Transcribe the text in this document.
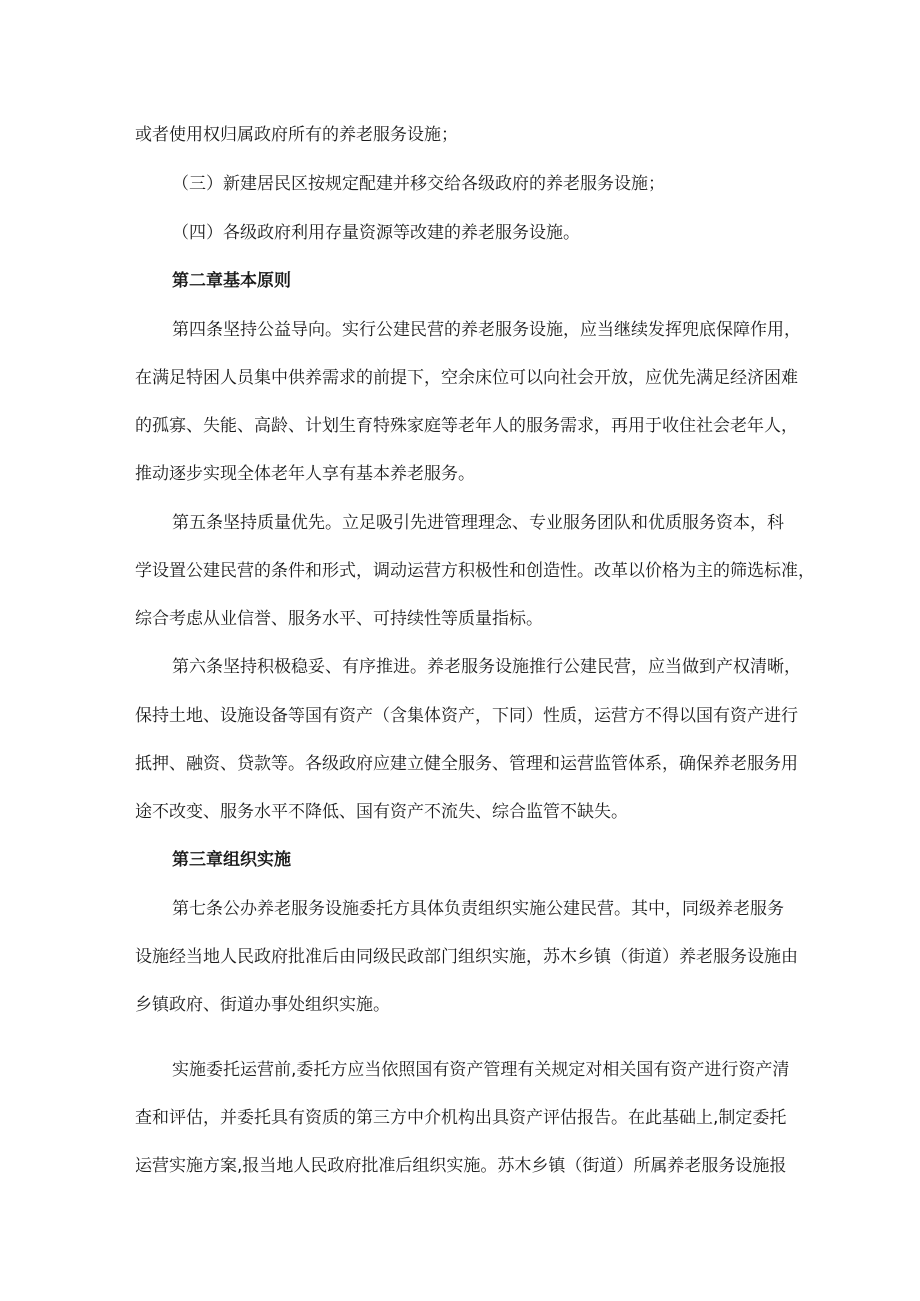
或者使用权归属政府所有的养老服务设施；
（三）新建居民区按规定配建并移交给各级政府的养老服务设施；
（四）各级政府利用存量资源等改建的养老服务设施。
第二章基本原则
第四条坚持公益导向。实行公建民营的养老服务设施，应当继续发挥兜底保障作用，
在满足特困人员集中供养需求的前提下，空余床位可以向社会开放，应优先满足经济困难
的孤寡、失能、高龄、计划生育特殊家庭等老年人的服务需求，再用于收住社会老年人，
推动逐步实现全体老年人享有基本养老服务。
第五条坚持质量优先。立足吸引先进管理理念、专业服务团队和优质服务资本，科
学设置公建民营的条件和形式，调动运营方积极性和创造性。改革以价格为主的筛选标准，
综合考虑从业信誉、服务水平、可持续性等质量指标。
第六条坚持积极稳妥、有序推进。养老服务设施推行公建民营，应当做到产权清晰，
保持土地、设施设备等国有资产（含集体资产，下同）性质，运营方不得以国有资产进行
抵押、融资、贷款等。各级政府应建立健全服务、管理和运营监管体系，确保养老服务用
途不改变、服务水平不降低、国有资产不流失、综合监管不缺失。
第三章组织实施
第七条公办养老服务设施委托方具体负责组织实施公建民营。其中，同级养老服务
设施经当地人民政府批准后由同级民政部门组织实施，苏木乡镇（街道）养老服务设施由
乡镇政府、街道办事处组织实施。
实施委托运营前,委托方应当依照国有资产管理有关规定对相关国有资产进行资产清
查和评估，并委托具有资质的第三方中介机构出具资产评估报告。在此基础上,制定委托
运营实施方案,报当地人民政府批准后组织实施。苏木乡镇（街道）所属养老服务设施报
